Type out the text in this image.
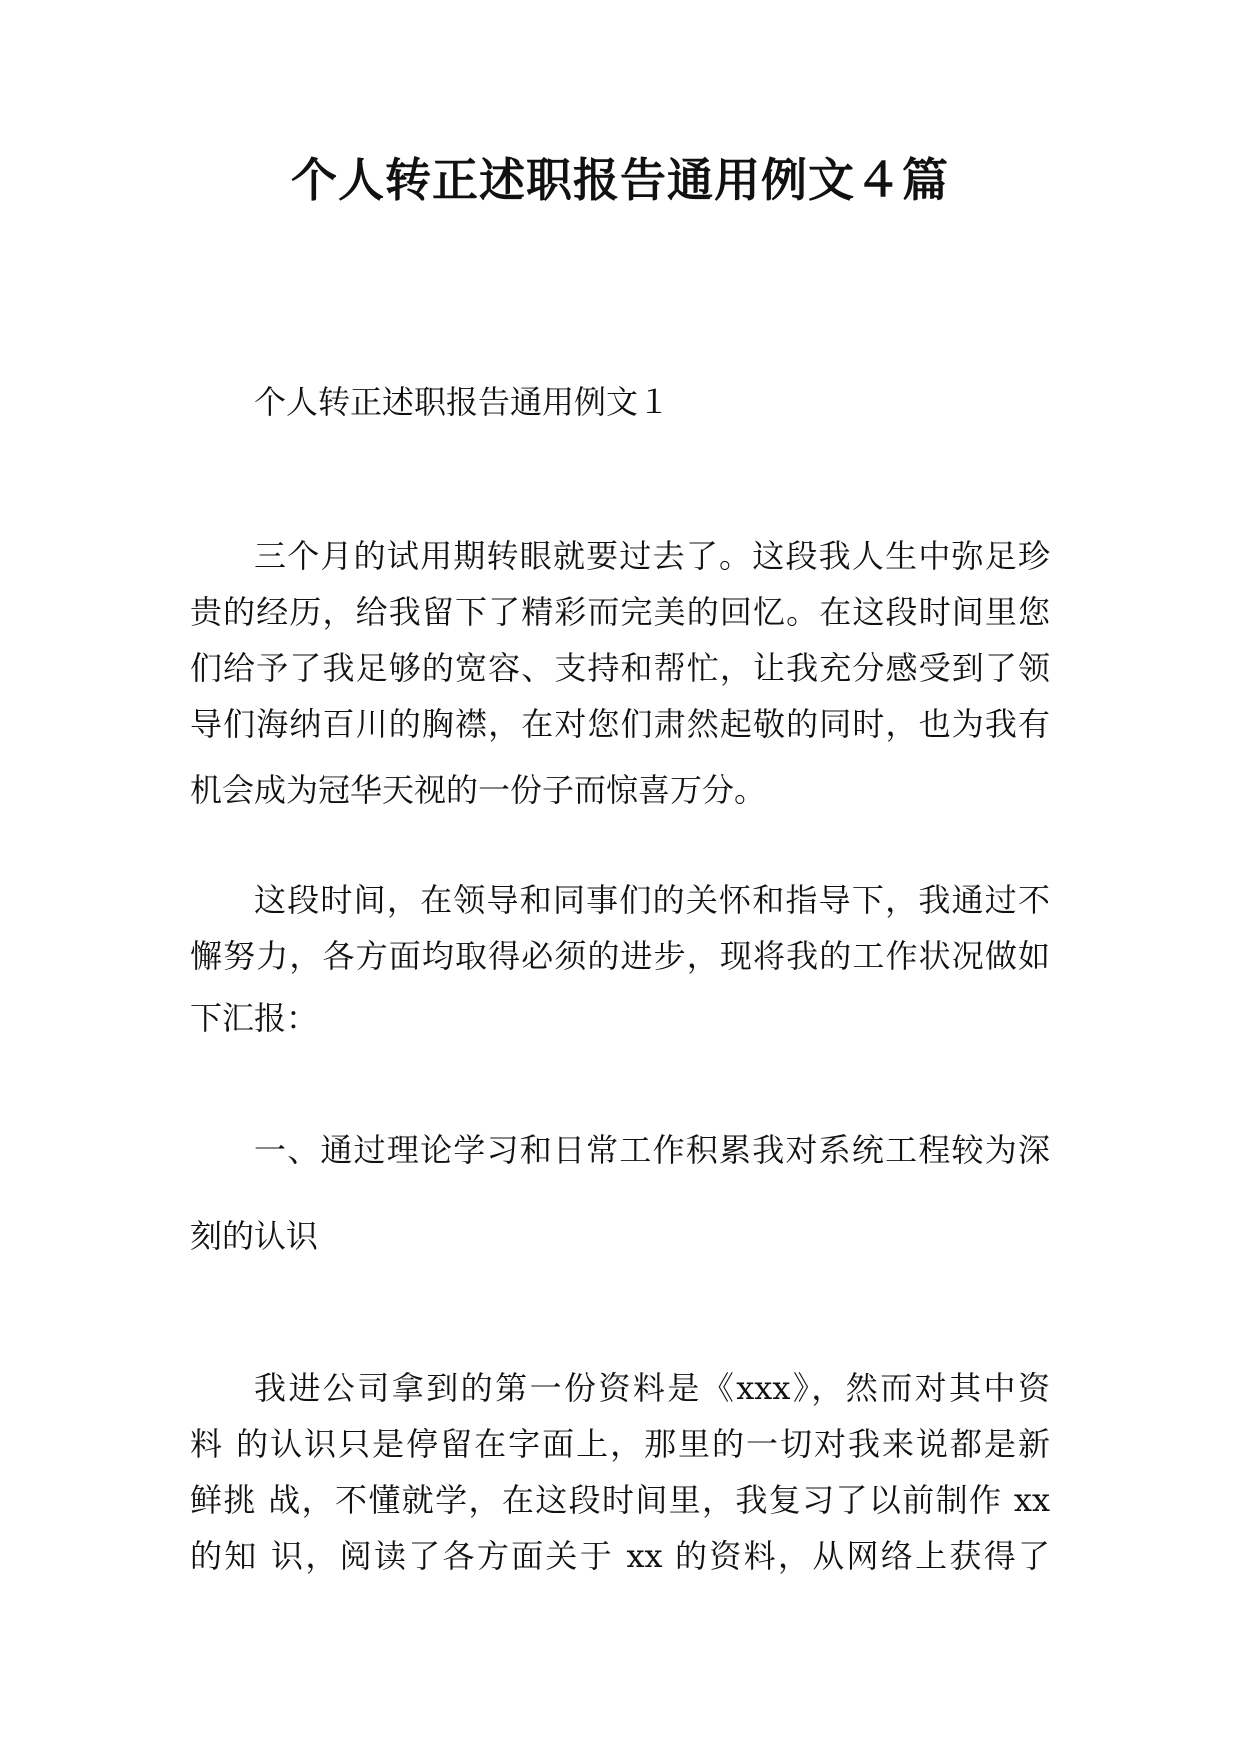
个人转正述职报告通用例文４篇

个人转正述职报告通用例文１

三个月的试用期转眼就要过去了。这段我人生中弥足珍
贵的经历，给我留下了精彩而完美的回忆。在这段时间里您
们给予了我足够的宽容、支持和帮忙，让我充分感受到了领
导们海纳百川的胸襟，在对您们肃然起敬的同时，也为我有
机会成为冠华天视的一份子而惊喜万分。
这段时间，在领导和同事们的关怀和指导下，我通过不
懈努力，各方面均取得必须的进步，现将我的工作状况做如
下汇报：
一、通过理论学习和日常工作积累我对系统工程较为深
刻的认识
我进公司拿到的第一份资料是《xxx》，然而对其中资
料 的认识只是停留在字面上，那里的一切对我来说都是新
鲜挑 战，不懂就学，在这段时间里，我复习了以前制作 xx
的知 识，阅读了各方面关于 xx 的资料，从网络上获得了
